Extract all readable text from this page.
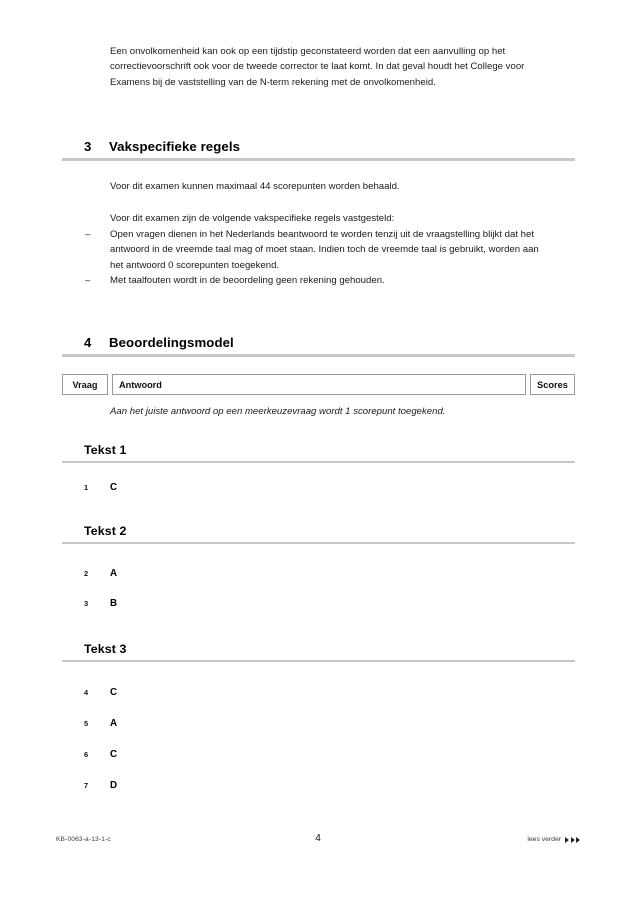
Een onvolkomenheid kan ook op een tijdstip geconstateerd worden dat een aanvulling op het correctievoorschrift ook voor de tweede corrector te laat komt. In dat geval houdt het College voor Examens bij de vaststelling van de N-term rekening met de onvolkomenheid.
3	Vakspecifieke regels
Voor dit examen kunnen maximaal 44 scorepunten worden behaald.
Voor dit examen zijn de volgende vakspecifieke regels vastgesteld:
–	Open vragen dienen in het Nederlands beantwoord te worden tenzij uit de vraagstelling blijkt dat het antwoord in de vreemde taal mag of moet staan. Indien toch de vreemde taal is gebruikt, worden aan het antwoord 0 scorepunten toegekend.
–	Met taalfouten wordt in de beoordeling geen rekening gehouden.
4	Beoordelingsmodel
Vraag	Antwoord	Scores
Aan het juiste antwoord op een meerkeuzevraag wordt 1 scorepunt toegekend.
Tekst 1
1	C
Tekst 2
2	A
3	B
Tekst 3
4	C
5	A
6	C
7	D
KB-0063-a-13-1-c	4	lees verder
